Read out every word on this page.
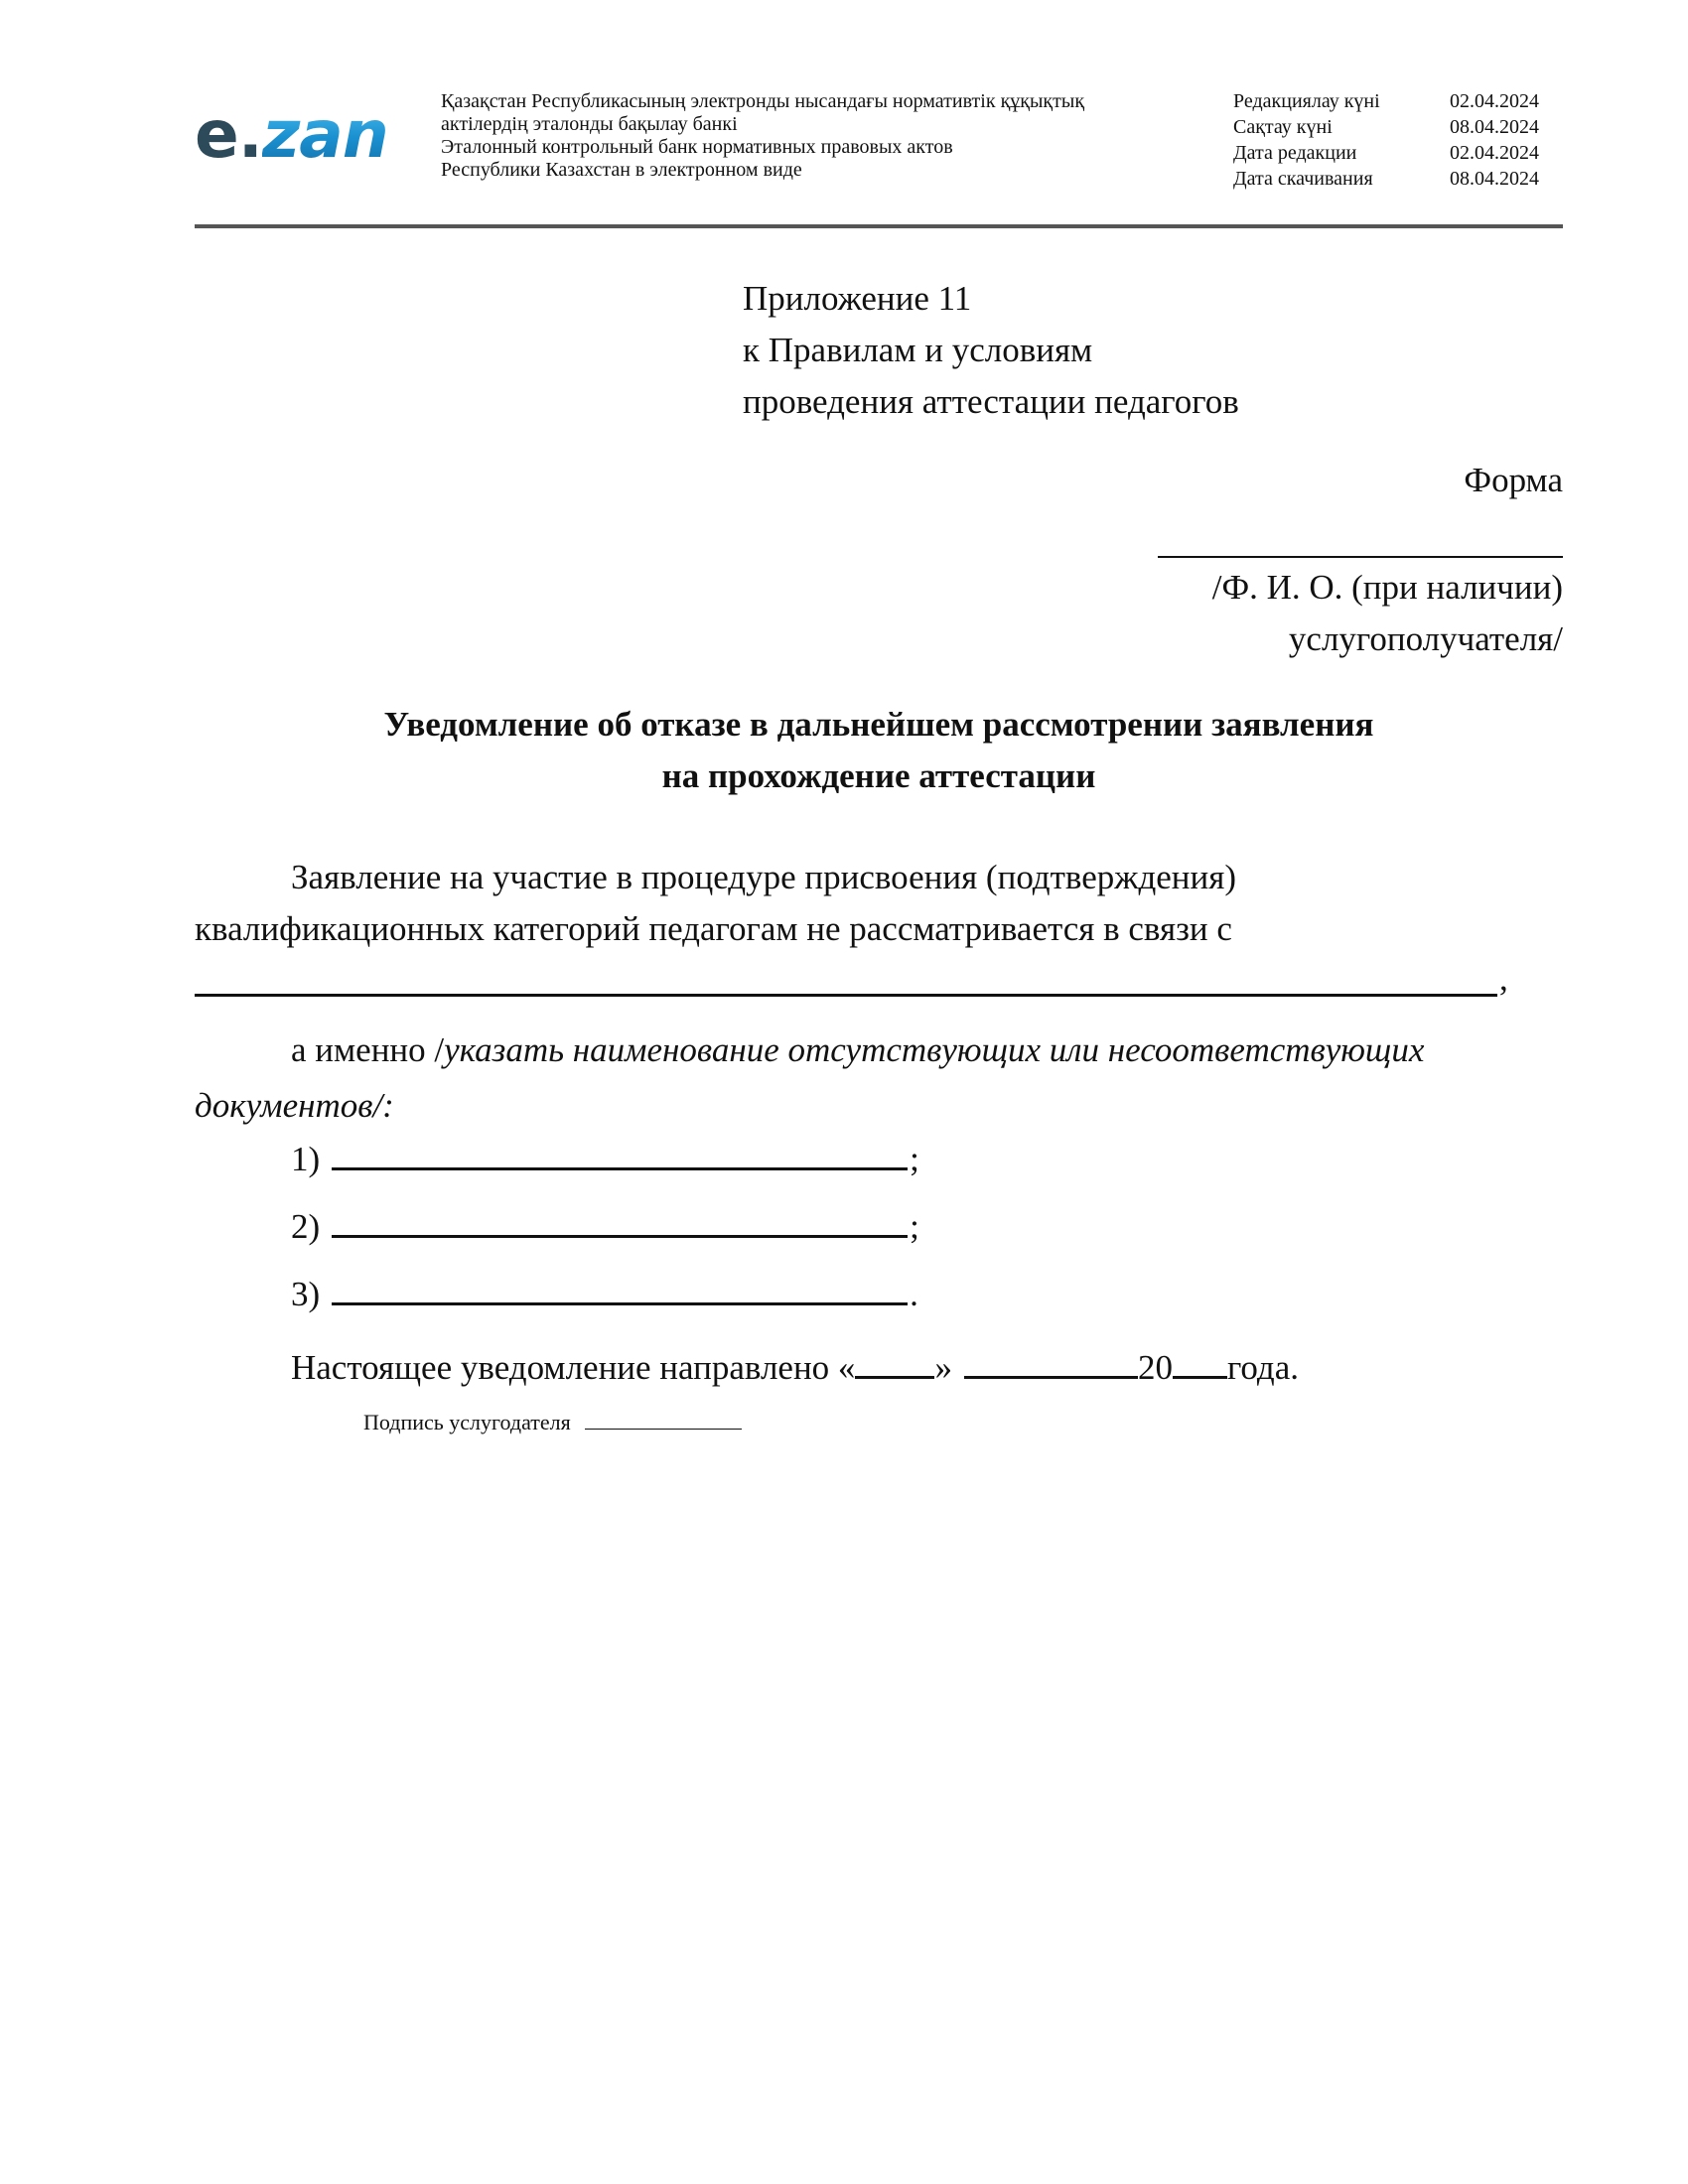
e.zan	Қазақстан Республикасының электронды нысандағы нормативтік құқықтық
актілердің эталонды бақылау банкі
Эталонный контрольный банк нормативных правовых актов
Республики Казахстан в электронном виде
Редакциялау күні	02.04.2024
Сақтау күні	08.04.2024
Дата редакции	02.04.2024
Дата скачивания	08.04.2024
Приложение 11
к Правилам и условиям
проведения аттестации педагогов
Форма
/Ф. И. О. (при наличии)
услугополучателя/
Уведомление об отказе в дальнейшем рассмотрении заявления
на прохождение аттестации
Заявление на участие в процедуре присвоения (подтверждения)
квалификационных категорий педагогам не рассматривается в связи с
,
а именно /указать наименование отсутствующих или несоответствующих
документов/:
1)	;
2)	;
3)	.
Настоящее уведомление направлено « »	20 года.
Подпись услугодателя
